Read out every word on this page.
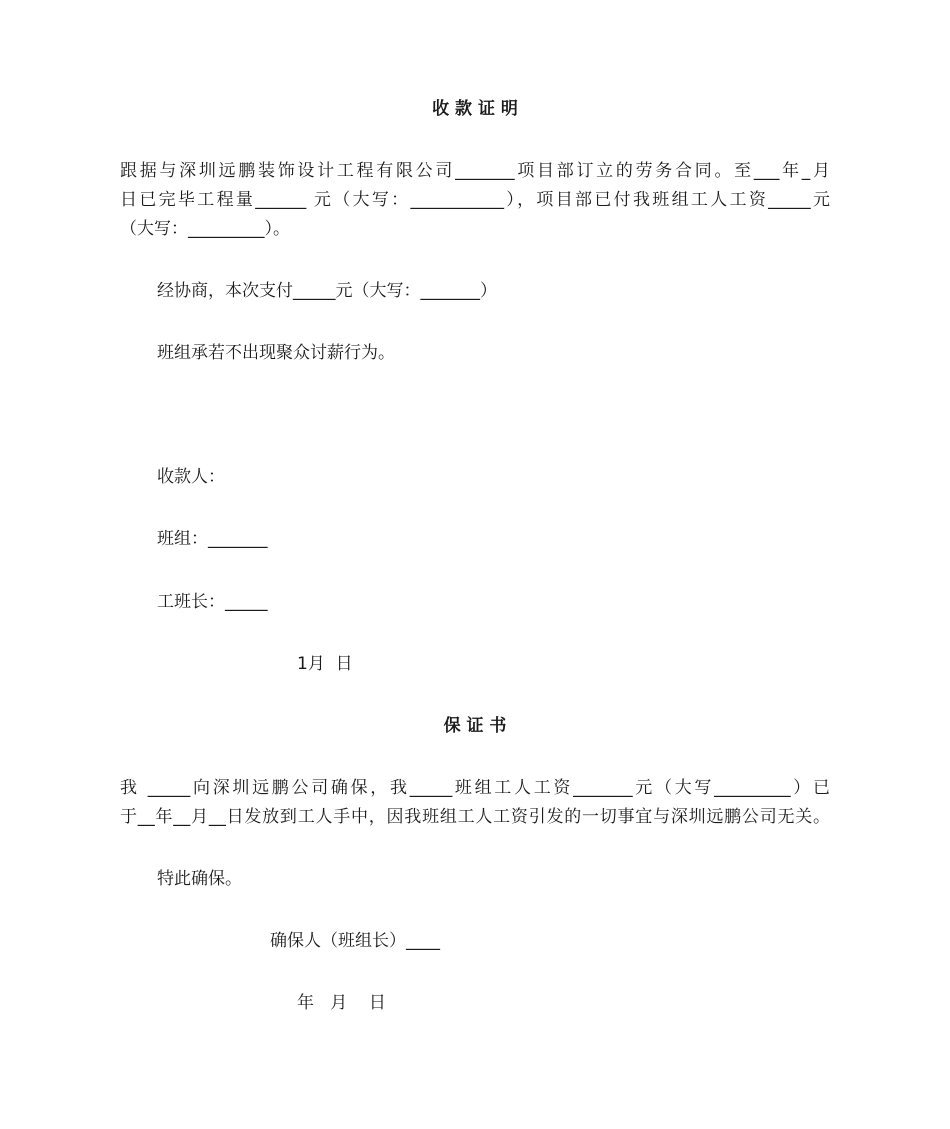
收 款 证 明

跟据与深圳远鹏装饰设计工程有限公司_______项目部订立的劳务合同。至___年_月

日已完毕工程量______ 元（大写：___________），项目部已付我班组工人工资_____元

（大写：_________）。

经协商，本次支付_____元（大写：_______）

班组承若不出现聚众讨薪行为。

收款人：

班组：_______

工班长：_____

1月  日

保 证 书

我 _____向深圳远鹏公司确保，我_____班组工人工资_______元（大写_________）已

于__年__月__日发放到工人手中，因我班组工人工资引发的一切事宜与深圳远鹏公司无关。

特此确保。

确保人（班组长）____

年   月    日
